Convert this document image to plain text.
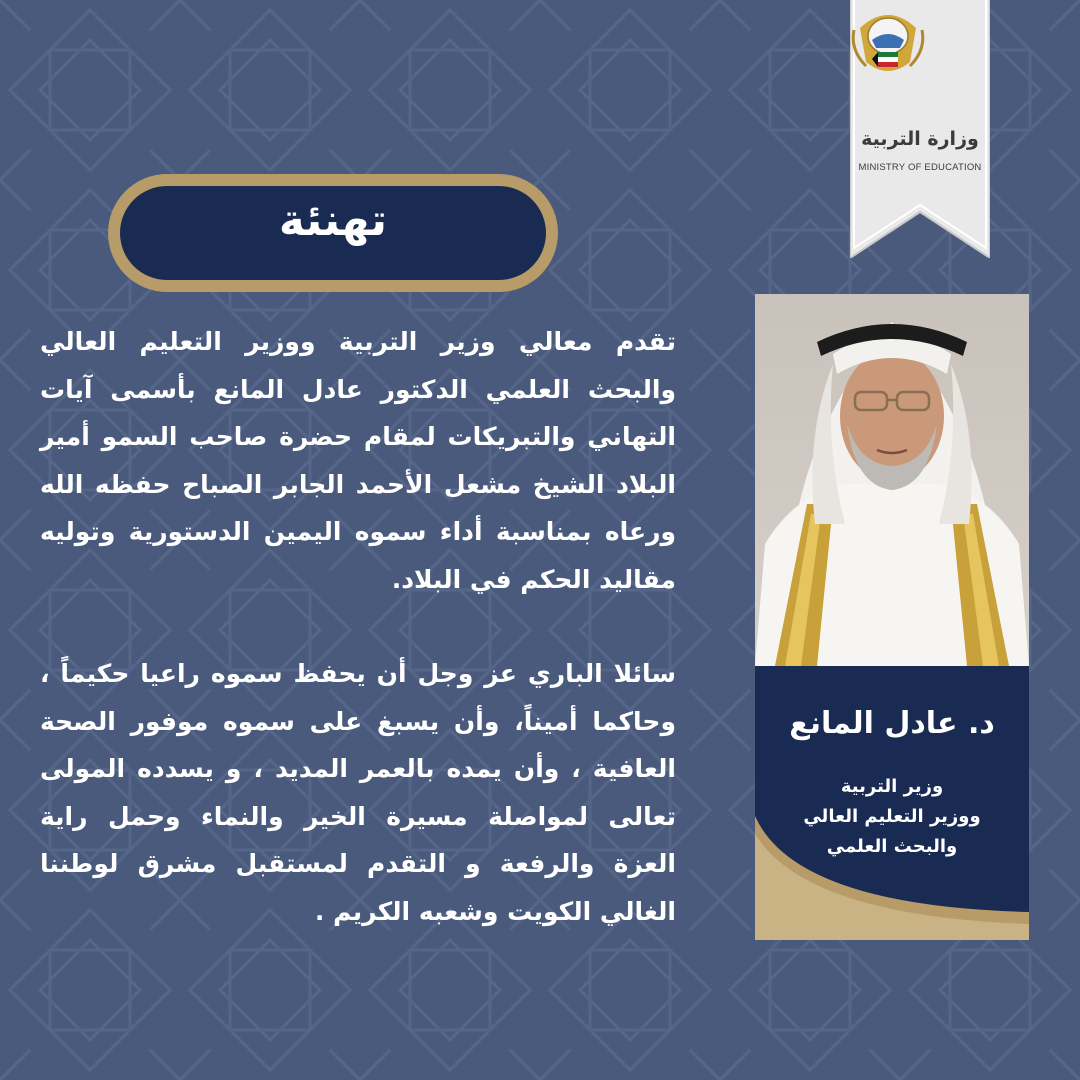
وزارة التربية
MINISTRY OF EDUCATION
تهنئة

تقدم معالي وزير التربية ووزير التعليم العالي والبحث العلمي الدكتور عادل المانع بأسمى آيات التهاني والتبريكات لمقام حضرة صاحب السمو أمير البلاد الشيخ مشعل الأحمد الجابر الصباح حفظه الله ورعاه بمناسبة أداء سموه اليمين الدستورية وتوليه مقاليد الحكم في البلاد.

سائلا الباري عز وجل أن يحفظ سموه راعيا حكيماً ، وحاكما أميناً، وأن يسبغ على سموه موفور الصحة العافية ، وأن يمده بالعمر المديد ، و يسدده المولى تعالى لمواصلة مسيرة الخير والنماء وحمل راية العزة والرفعة و التقدم لمستقبل مشرق لوطننا الغالي الكويت وشعبه الكريم .

د. عادل المانع
وزير التربية
ووزير التعليم العالي
والبحث العلمي
